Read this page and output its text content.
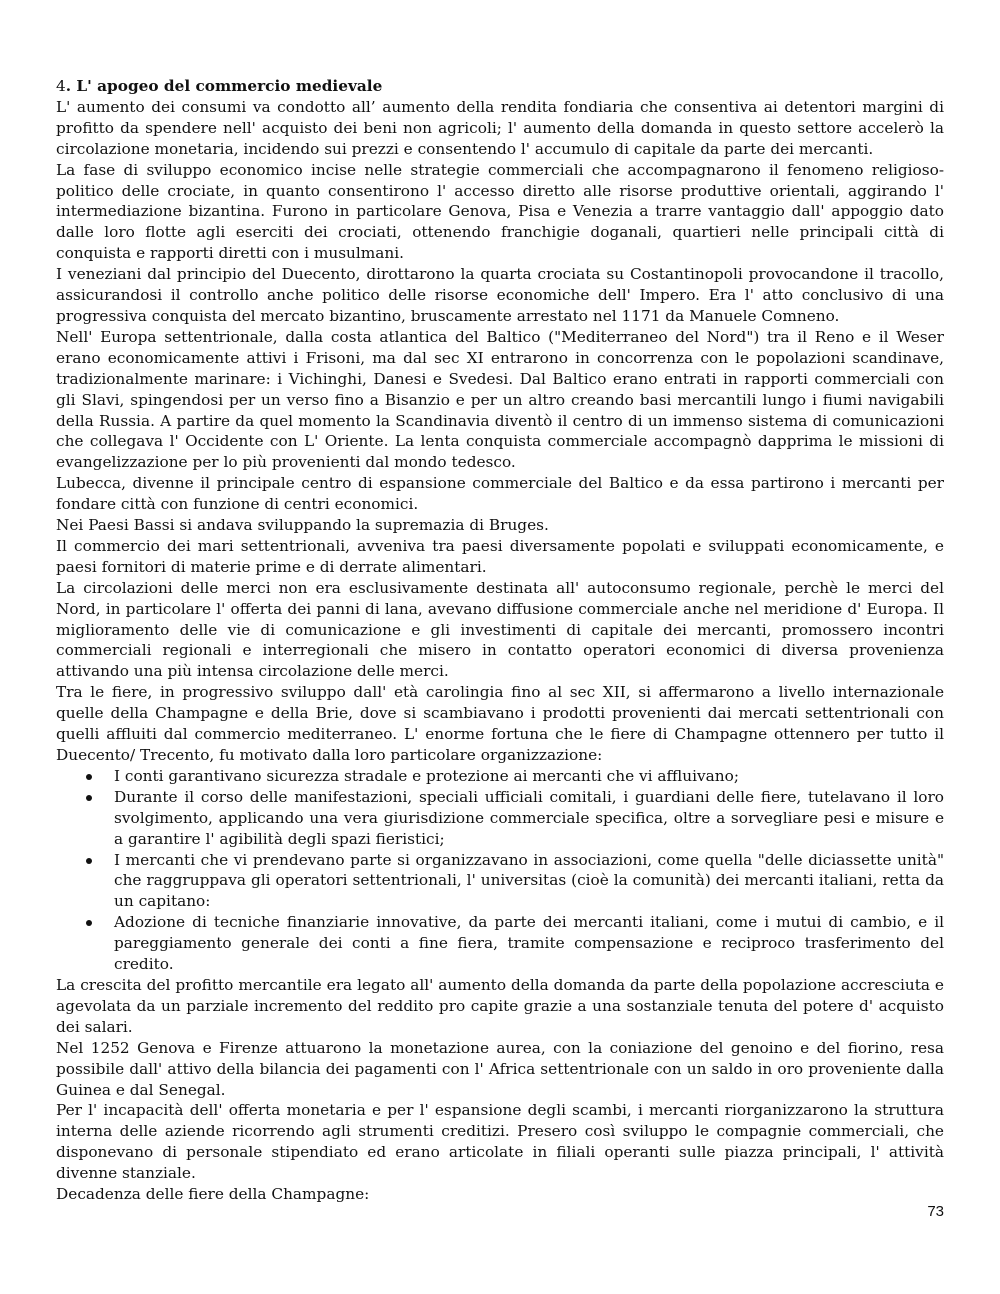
4. L' apogeo del commercio medievale

L' aumento dei consumi va condotto all’ aumento della rendita fondiaria che consentiva ai detentori margini di profitto da spendere nell' acquisto dei beni non agricoli; l' aumento della domanda in questo settore accelerò la circolazione monetaria, incidendo sui prezzi e consentendo l' accumulo di capitale da parte dei mercanti.

La fase di sviluppo economico incise nelle strategie commerciali che accompagnarono il fenomeno religioso-politico delle crociate, in quanto consentirono l' accesso diretto alle risorse produttive orientali, aggirando l' intermediazione bizantina. Furono in particolare Genova, Pisa e Venezia a trarre vantaggio dall' appoggio dato dalle loro flotte agli eserciti dei crociati, ottenendo franchigie doganali, quartieri nelle principali città di conquista e rapporti diretti con i musulmani.

I veneziani dal principio del Duecento, dirottarono la quarta crociata su Costantinopoli provocandone il tracollo, assicurandosi il controllo anche politico delle risorse economiche dell' Impero. Era l' atto conclusivo di una progressiva conquista del mercato bizantino, bruscamente arrestato nel 1171 da Manuele Comneno.

Nell' Europa settentrionale, dalla costa atlantica del Baltico ("Mediterraneo del Nord") tra il Reno e il Weser erano economicamente attivi i Frisoni, ma dal sec XI entrarono in concorrenza con le popolazioni scandinave, tradizionalmente marinare: i Vichinghi, Danesi e Svedesi. Dal Baltico erano entrati in rapporti commerciali con gli Slavi, spingendosi per un verso fino a Bisanzio e per un altro creando basi mercantili lungo i fiumi navigabili della Russia. A partire da quel momento la Scandinavia diventò il centro di un immenso sistema di comunicazioni che collegava l' Occidente con L' Oriente. La lenta conquista commerciale accompagnò dapprima le missioni di evangelizzazione per lo più provenienti dal mondo tedesco.

Lubecca, divenne il principale centro di espansione commerciale del Baltico e da essa partirono i mercanti per fondare città con funzione di centri economici.

Nei Paesi Bassi si andava sviluppando la supremazia di Bruges.

Il commercio dei mari settentrionali, avveniva tra paesi diversamente popolati e sviluppati economicamente, e paesi fornitori di materie prime e di derrate alimentari.

La circolazioni delle merci non era esclusivamente destinata all' autoconsumo regionale, perchè le merci del Nord, in particolare l' offerta dei panni di lana, avevano diffusione commerciale anche nel meridione d' Europa. Il miglioramento delle vie di comunicazione e gli investimenti di capitale dei mercanti, promossero incontri commerciali regionali e interregionali che misero in contatto operatori economici di diversa provenienza attivando una più intensa circolazione delle merci.

Tra le fiere, in progressivo sviluppo dall' età carolingia fino al sec XII, si affermarono a livello internazionale quelle della Champagne e della Brie, dove si scambiavano i prodotti provenienti dai mercati settentrionali con quelli affluiti dal commercio mediterraneo. L' enorme fortuna che le fiere di Champagne ottennero per tutto il Duecento/ Trecento, fu motivato dalla loro particolare organizzazione:

I conti garantivano sicurezza stradale e protezione ai mercanti che vi affluivano;
Durante il corso delle manifestazioni, speciali ufficiali comitali, i guardiani delle fiere, tutelavano il loro svolgimento, applicando una vera giurisdizione commerciale specifica, oltre a sorvegliare pesi e misure e a garantire l' agibilità degli spazi fieristici;
I mercanti che vi prendevano parte si organizzavano in associazioni, come quella "delle diciassette unità" che raggruppava gli operatori settentrionali, l' universitas (cioè la comunità) dei mercanti italiani, retta da un capitano:
Adozione di tecniche finanziarie innovative, da parte dei mercanti italiani, come i mutui di cambio, e il pareggiamento generale dei conti a fine fiera, tramite compensazione e reciproco trasferimento del credito.

La crescita del profitto mercantile era legato all' aumento della domanda da parte della popolazione accresciuta e agevolata da un parziale incremento del reddito pro capite grazie a una sostanziale tenuta del potere d' acquisto dei salari.

Nel 1252 Genova e Firenze attuarono la monetazione aurea, con la coniazione del genoino e del fiorino, resa possibile dall' attivo della bilancia dei pagamenti con l' Africa settentrionale con un saldo in oro proveniente dalla Guinea e dal Senegal.

Per l' incapacità dell' offerta monetaria e per l' espansione degli scambi, i mercanti riorganizzarono la struttura interna delle aziende ricorrendo agli strumenti creditizi. Presero così sviluppo le compagnie commerciali, che disponevano di personale stipendiato ed erano articolate in filiali operanti sulle piazza principali, l' attività divenne stanziale.

Decadenza delle fiere della Champagne:

73
